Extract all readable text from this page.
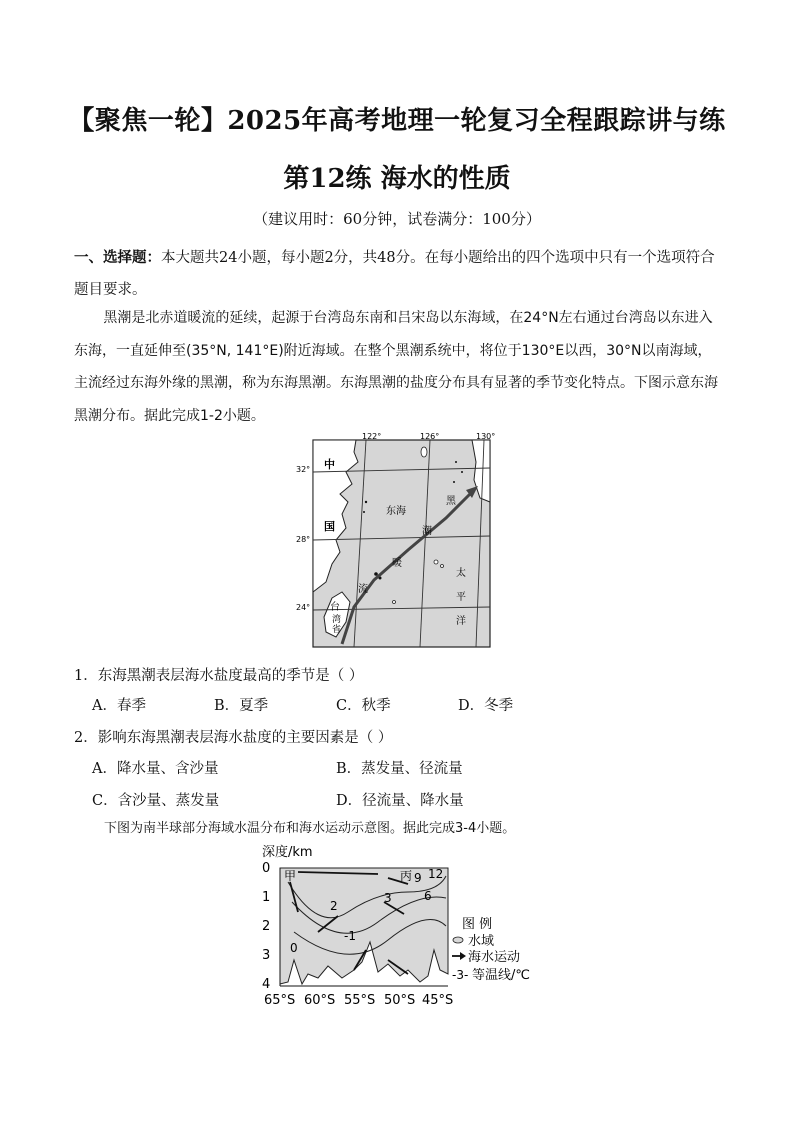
【聚焦一轮】2025年高考地理一轮复习全程跟踪讲与练
第12练 海水的性质
（建议用时：60分钟，试卷满分：100分）
一、选择题：本大题共24小题，每小题2分，共48分。在每小题给出的四个选项中只有一个选项符合题目要求。
黑潮是北赤道暖流的延续，起源于台湾岛东南和吕宋岛以东海域，在24°N左右通过台湾岛以东进入东海，一直延伸至(35°N, 141°E)附近海域。在整个黑潮系统中，将位于130°E以西，30°N以南海域，主流经过东海外缘的黑潮，称为东海黑潮。东海黑潮的盐度分布具有显著的季节变化特点。下图示意东海黑潮分布。据此完成1-2小题。
122°	126°	130°
32°
28°
24°
中
国
东海
黑
潮
暖
流
台
湾
省
太
平
洋
1．东海黑潮表层海水盐度最高的季节是（ ）
A．春季	B．夏季	C．秋季	D．冬季
2．影响东海黑潮表层海水盐度的主要因素是（ ）
A．降水量、含沙量	B．蒸发量、径流量
C．含沙量、蒸发量	D．径流量、降水量
下图为南半球部分海域水温分布和海水运动示意图。据此完成3-4小题。
深度/km
0
1
2
3
4
65°S 60°S 55°S 50°S 45°S
甲	丙
0
-1
2
3	6
9 12
图 例
水域
海水运动
-3- 等温线/℃
